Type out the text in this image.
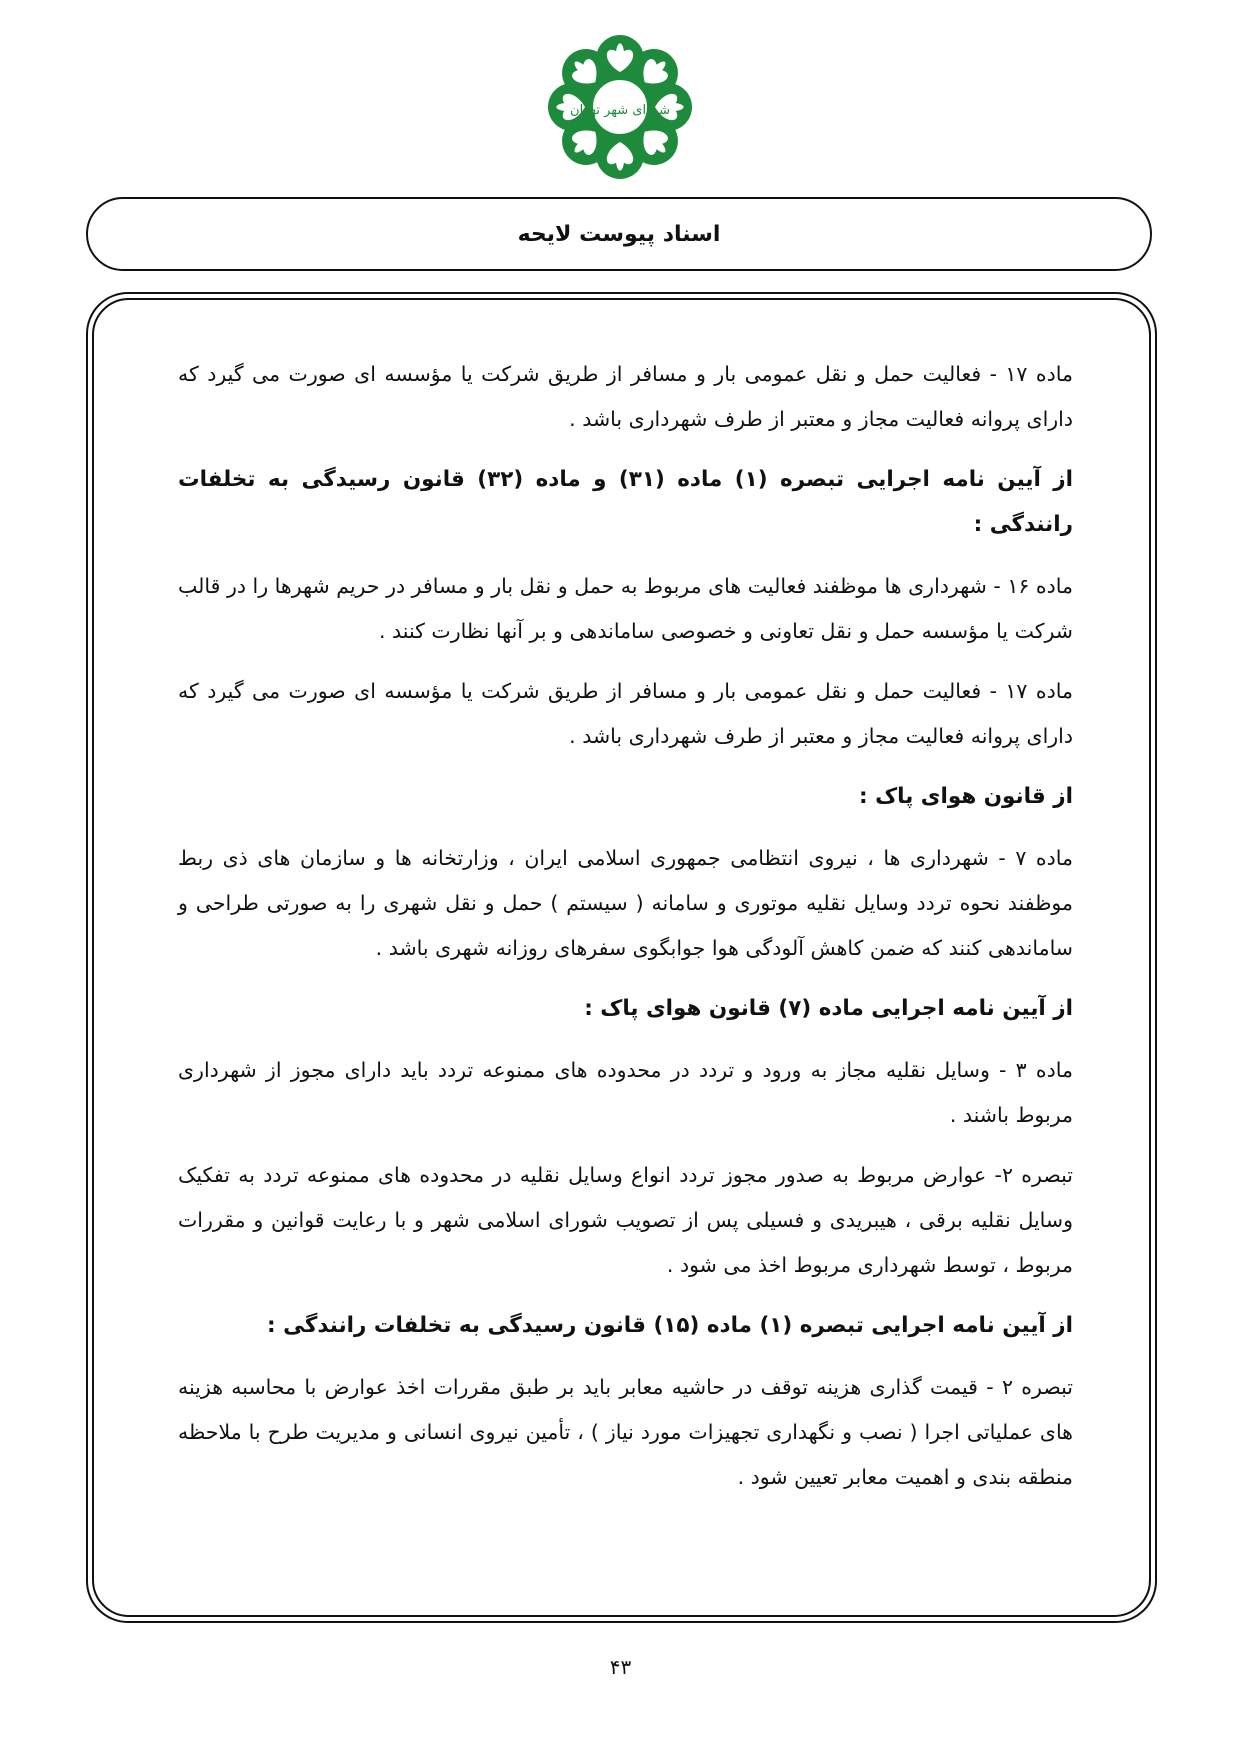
شورای شهر تهران
اسناد پیوست لایحه

ماده ۱۷ - فعالیت حمل و نقل عمومی بار و مسافر از طریق شرکت یا مؤسسه ای صورت می گیرد که دارای پروانه فعالیت مجاز و معتبر از طرف شهرداری باشد .

از آیین نامه اجرایی تبصره (۱) ماده (۳۱) و ماده (۳۲) قانون رسیدگی به تخلفات رانندگی :

ماده ۱۶ - شهرداری ها موظفند فعالیت های مربوط به حمل و نقل بار و مسافر در حریم شهرها را در قالب شرکت یا مؤسسه حمل و نقل تعاونی و خصوصی ساماندهی و بر آنها نظارت کنند .

ماده ۱۷ - فعالیت حمل و نقل عمومی بار و مسافر از طریق شرکت یا مؤسسه ای صورت می گیرد که دارای پروانه فعالیت مجاز و معتبر از طرف شهرداری باشد .

از قانون هوای پاک :

ماده ۷ - شهرداری ها ، نیروی انتظامی جمهوری اسلامی ایران ، وزارتخانه ها و سازمان های ذی ربط موظفند نحوه تردد وسایل نقلیه موتوری و سامانه ( سیستم ) حمل و نقل شهری را به صورتی طراحی و ساماندهی کنند که ضمن کاهش آلودگی هوا جوابگوی سفرهای روزانه شهری باشد .

از آیین نامه اجرایی ماده (۷) قانون هوای پاک :

ماده ۳ - وسایل نقلیه مجاز به ورود و تردد در محدوده های ممنوعه تردد باید دارای مجوز از شهرداری مربوط باشند .

تبصره ۲- عوارض مربوط به صدور مجوز تردد انواع وسایل نقلیه در محدوده های ممنوعه تردد به تفکیک وسایل نقلیه برقی ، هیبریدی و فسیلی پس از تصویب شورای اسلامی شهر و با رعایت قوانین و مقررات مربوط ، توسط شهرداری مربوط اخذ می شود .

از آیین نامه اجرایی تبصره (۱) ماده (۱۵) قانون رسیدگی به تخلفات رانندگی :

تبصره ۲ - قیمت گذاری هزینه توقف در حاشیه معابر باید بر طبق مقررات اخذ عوارض با محاسبه هزینه های عملیاتی اجرا ( نصب و نگهداری تجهیزات مورد نیاز ) ، تأمین نیروی انسانی و مدیریت طرح با ملاحظه منطقه بندی و اهمیت معابر تعیین شود .

۴۳
